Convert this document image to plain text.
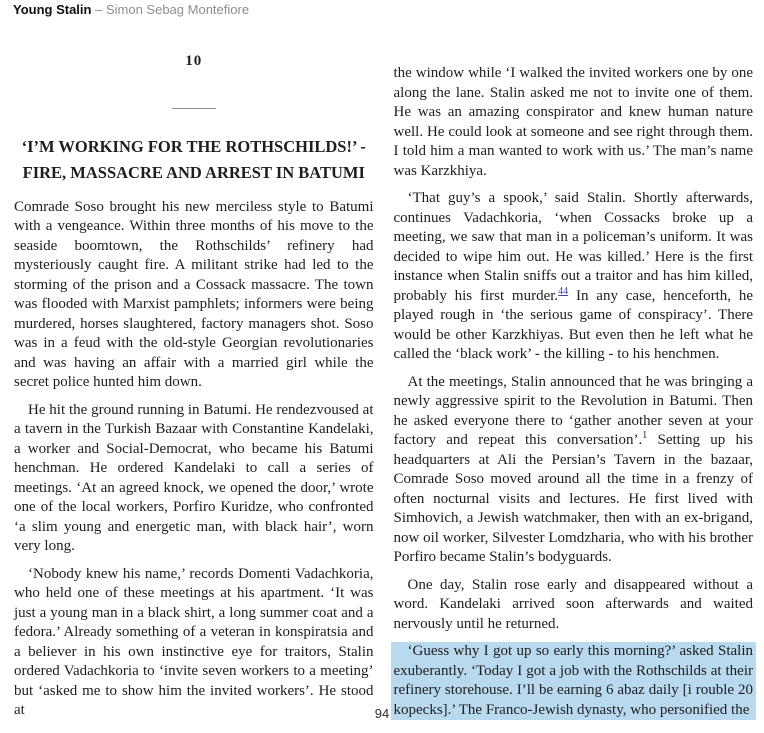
Young Stalin – Simon Sebag Montefiore
10
‘I’M WORKING FOR THE ROTHSCHILDS!’ -
FIRE, MASSACRE AND ARREST IN BATUMI

Comrade Soso brought his new merciless style to Batumi with a vengeance. Within three months of his move to the seaside boomtown, the Rothschilds’ refinery had mysteriously caught fire. A militant strike had led to the storming of the prison and a Cossack massacre. The town was flooded with Marxist pamphlets; informers were being murdered, horses slaughtered, factory managers shot. Soso was in a feud with the old-style Georgian revolutionaries and was having an affair with a married girl while the secret police hunted him down.

He hit the ground running in Batumi. He rendezvoused at a tavern in the Turkish Bazaar with Constantine Kandelaki, a worker and Social-Democrat, who became his Batumi henchman. He ordered Kandelaki to call a series of meetings. ‘At an agreed knock, we opened the door,’ wrote one of the local workers, Porfiro Kuridze, who confronted ‘a slim young and energetic man, with black hair’, worn very long.

‘Nobody knew his name,’ records Domenti Vadachkoria, who held one of these meetings at his apartment. ‘It was just a young man in a black shirt, a long summer coat and a fedora.’ Already something of a veteran in konspiratsia and a believer in his own instinctive eye for traitors, Stalin ordered Vadachkoria to ‘invite seven workers to a meeting’ but ‘asked me to show him the invited workers’. He stood at

the window while ‘I walked the invited workers one by one along the lane. Stalin asked me not to invite one of them. He was an amazing conspirator and knew human nature well. He could look at someone and see right through them. I told him a man wanted to work with us.’ The man’s name was Karzkhiya.

‘That guy’s a spook,’ said Stalin. Shortly afterwards, continues Vadachkoria, ‘when Cossacks broke up a meeting, we saw that man in a policeman’s uniform. It was decided to wipe him out. He was killed.’ Here is the first instance when Stalin sniffs out a traitor and has him killed, probably his first murder.$^{44}$ In any case, henceforth, he played rough in ‘the serious game of conspiracy’. There would be other Karzkhiyas. But even then he left what he called the ‘black work’ - the killing - to his henchmen.

At the meetings, Stalin announced that he was bringing a newly aggressive spirit to the Revolution in Batumi. Then he asked everyone there to ‘gather another seven at your factory and repeat this conversation’.$^1$ Setting up his headquarters at Ali the Persian’s Tavern in the bazaar, Comrade Soso moved around all the time in a frenzy of often nocturnal visits and lectures. He first lived with Simhovich, a Jewish watchmaker, then with an ex-brigand, now oil worker, Silvester Lomdzharia, who with his brother Porfiro became Stalin’s bodyguards.

One day, Stalin rose early and disappeared without a word. Kandelaki arrived soon afterwards and waited nervously until he returned.

‘Guess why I got up so early this morning?’ asked Stalin exuberantly. ‘Today I got a job with the Rothschilds at their refinery storehouse. I’ll be earning 6 abaz daily [i rouble 20 kopecks].’ The Franco-Jewish dynasty, who personified the

94
